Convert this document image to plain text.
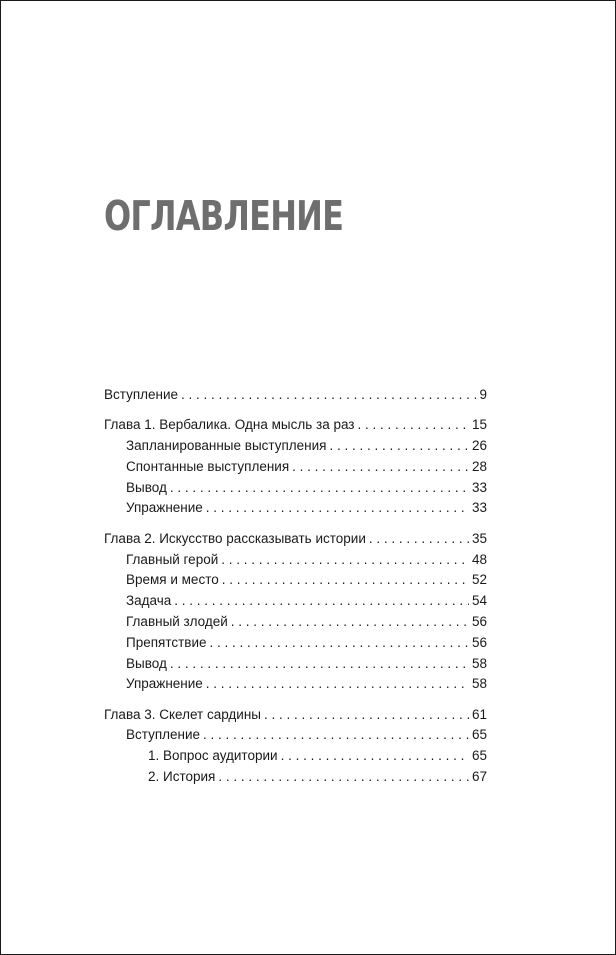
ОГЛАВЛЕНИЕ
Вступление . . .	9
Глава 1. Вербалика. Одна мысль за раз . . .	15
Запланированные выступления . . .	26
Спонтанные выступления . . .	28
Вывод . . .	33
Упражнение . . .	33
Глава 2. Искусство рассказывать истории . . .	35
Главный герой . . .	48
Время и место . . .	52
Задача . . .	54
Главный злодей . . .	56
Препятствие . . .	56
Вывод . . .	58
Упражнение . . .	58
Глава 3. Скелет сардины . . .	61
Вступление . . .	65
1. Вопрос аудитории . . .	65
2. История . . .	67
